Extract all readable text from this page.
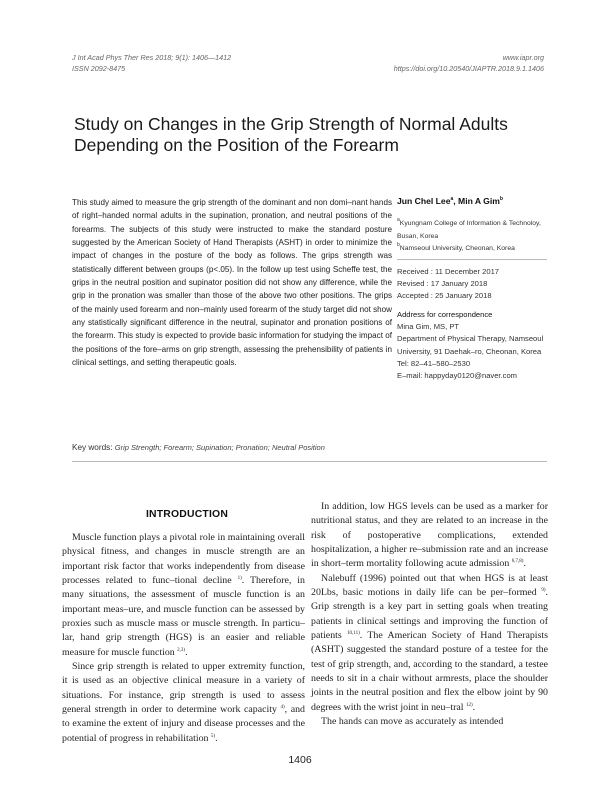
J Int Acad Phys Ther Res 2018; 9(1): 1406—1412
ISSN 2092-8475
www.iapr.org
https://doi.org/10.20540/JIAPTR.2018.9.1.1406
Study on Changes in the Grip Strength of Normal Adults
Depending on the Position of the Forearm
This study aimed to measure the grip strength of the dominant and non domi–nant hands of right–handed normal adults in the supination, pronation, and neutral positions of the forearms. The subjects of this study were instructed to make the standard posture suggested by the American Society of Hand Therapists (ASHT) in order to minimize the impact of changes in the posture of the body as follows. The grips strength was statistically different between groups (p<.05). In the follow up test using Scheffe test, the grips in the neutral position and supinator position did not show any difference, while the grip in the pronation was smaller than those of the above two other positions. The grips of the mainly used forearm and non–mainly used forearm of the study target did not show any statistically significant difference in the neutral, supinator and pronation positions of the forearm. This study is expected to provide basic information for studying the impact of the positions of the fore–arms on grip strength, assessing the prehensibility of patients in clinical settings, and setting therapeutic goals.
Jun Chel Lee$^a$, Min A Gim$^b$
$^a$Kyungnam College of Information & Technoloy,
Busan, Korea
$^b$Namseoul University, Cheonan, Korea
Received : 11 December 2017
Revised : 17 January 2018
Accepted : 25 January 2018
Address for correspondence
Mina Gim, MS, PT
Department of Physical Therapy, Namseoul
University, 91 Daehak–ro, Cheonan, Korea
Tel: 82–41–580–2530
E–mail: happyday0120@naver.com
Key words: Grip Strength; Forearm; Supination; Pronation; Neutral Position
INTRODUCTION

Muscle function plays a pivotal role in maintaining overall physical fitness, and changes in muscle strength are an important risk factor that works independently from disease processes related to func–tional decline $^{1)}$. Therefore, in many situations, the assessment of muscle function is an important meas–ure, and muscle function can be assessed by proxies such as muscle mass or muscle strength. In particu–lar, hand grip strength (HGS) is an easier and reliable measure for muscle function $^{2,3)}$.

Since grip strength is related to upper extremity function, it is used as an objective clinical measure in a variety of situations. For instance, grip strength is used to assess general strength in order to determine work capacity $^{4)}$, and to examine the extent of injury and disease processes and the potential of progress in rehabilitation $^{5)}$.

In addition, low HGS levels can be used as a marker for nutritional status, and they are related to an increase in the risk of postoperative complications, extended hospitalization, a higher re–submission rate and an increase in short–term mortality following acute admission $^{6,7,8)}$.

Nalebuff (1996) pointed out that when HGS is at least 20Lbs, basic motions in daily life can be per–formed $^{9)}$. Grip strength is a key part in setting goals when treating patients in clinical settings and improving the function of patients $^{10,11)}$. The American Society of Hand Therapists (ASHT) suggested the standard posture of a testee for the test of grip strength, and, according to the standard, a testee needs to sit in a chair without armrests, place the shoulder joints in the neutral position and flex the elbow joint by 90 degrees with the wrist joint in neu–tral $^{12)}$.

The hands can move as accurately as intended

1406
